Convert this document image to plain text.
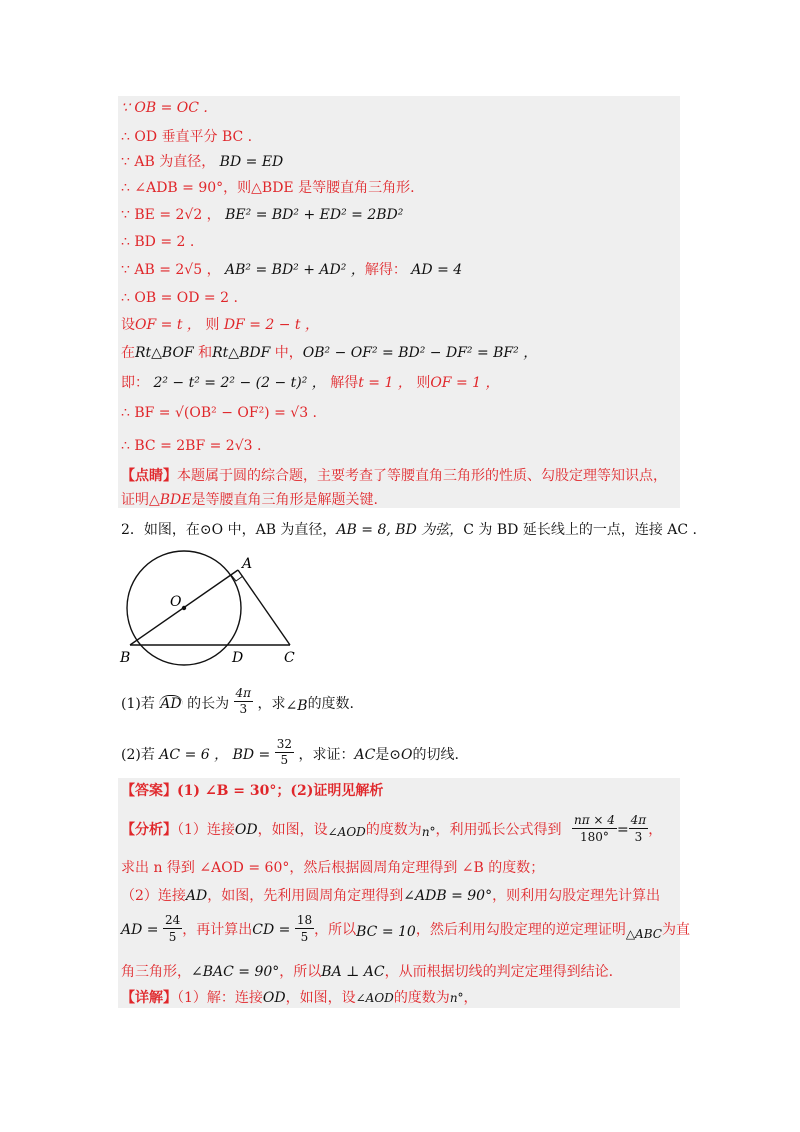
∵ OB = OC .
∴ OD 垂直平分 BC .
∵ AB 为直径， BD = ED
∴ ∠ADB = 90°，则△BDE 是等腰直角三角形.
∵ BE = 2√2 ， BE² = BD² + ED² = 2BD²
∴ BD = 2 .
∵ AB = 2√5 ， AB² = BD² + AD² ，解得： AD = 4
∴ OB = OD = 2 .
设OF = t ， 则 DF = 2 − t ，
在Rt△BOF 和Rt△BDF 中，OB² − OF² = BD² − DF² = BF² ，
即： 2² − t² = 2² − (2 − t)² ， 解得t = 1 ， 则OF = 1 ，
∴ BF = √(OB² − OF²) = √3 .
∴ BC = 2BF = 2√3 .
【点睛】本题属于圆的综合题，主要考查了等腰直角三角形的性质、勾股定理等知识点，
证明△BDE是等腰直角三角形是解题关键.
2．如图，在⊙O 中，AB 为直径，AB = 8, BD 为弦，C 为 BD 延长线上的一点，连接 AC .
A
O
B	D	C
(1)若 AD 的长为 $\frac{4\pi}{3}$ ，求∠B的度数.
(2)若 AC = 6 ， BD = $\frac{32}{5}$ ，求证：AC是⊙O的切线.
【答案】(1) ∠B = 30°；(2)证明见解析
【分析】（1）连接OD，如图，设∠AOD的度数为n°，利用弧长公式得到 $\frac{n\pi \times 4}{180^\circ} = \frac{4\pi}{3}$ ，
求出 n 得到 ∠AOD = 60°，然后根据圆周角定理得到 ∠B 的度数；
（2）连接AD，如图，先利用圆周角定理得到∠ADB = 90°，则利用勾股定理先计算出
AD = $\frac{24}{5}$ ，再计算出CD = $\frac{18}{5}$ ，所以BC = 10，然后利用勾股定理的逆定理证明△ABC为直
角三角形，∠BAC = 90°，所以BA ⊥ AC，从而根据切线的判定定理得到结论.
【详解】（1）解：连接OD，如图，设∠AOD的度数为n°，
